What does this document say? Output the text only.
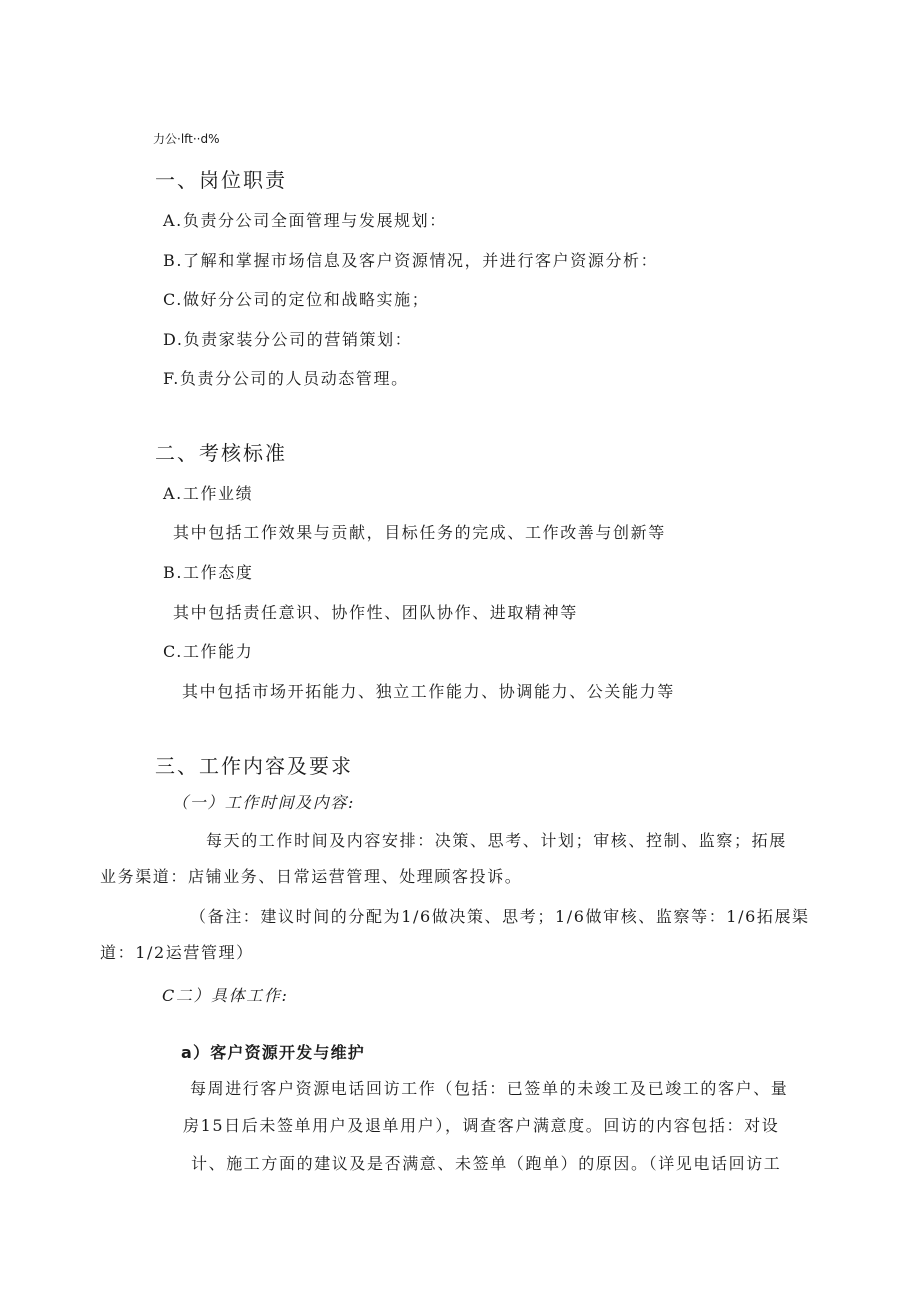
力公·lft··d%
一、岗位职责
A.负责分公司全面管理与发展规划：
B.了解和掌握市场信息及客户资源情况，并进行客户资源分析：
C.做好分公司的定位和战略实施；
D.负责家装分公司的营销策划：
F.负责分公司的人员动态管理。
二、考核标准
A.工作业绩
其中包括工作效果与贡献，目标任务的完成、工作改善与创新等
B.工作态度
其中包括责任意识、协作性、团队协作、进取精神等
C.工作能力
其中包括市场开拓能力、独立工作能力、协调能力、公关能力等
三、工作内容及要求
（一）工作时间及内容:
每天的工作时间及内容安排：决策、思考、计划；审核、控制、监察；拓展
业务渠道：店铺业务、日常运营管理、处理顾客投诉。
（备注：建议时间的分配为1/6做决策、思考；1/6做审核、监察等：1/6拓展渠
道：1/2运营管理）
C二）具体工作:
a）客户资源开发与维护
每周进行客户资源电话回访工作（包括：已签单的未竣工及已竣工的客户、量
房15日后未签单用户及退单用户），调查客户满意度。回访的内容包括：对设
计、施工方面的建议及是否满意、未签单（跑单）的原因。（详见电话回访工
